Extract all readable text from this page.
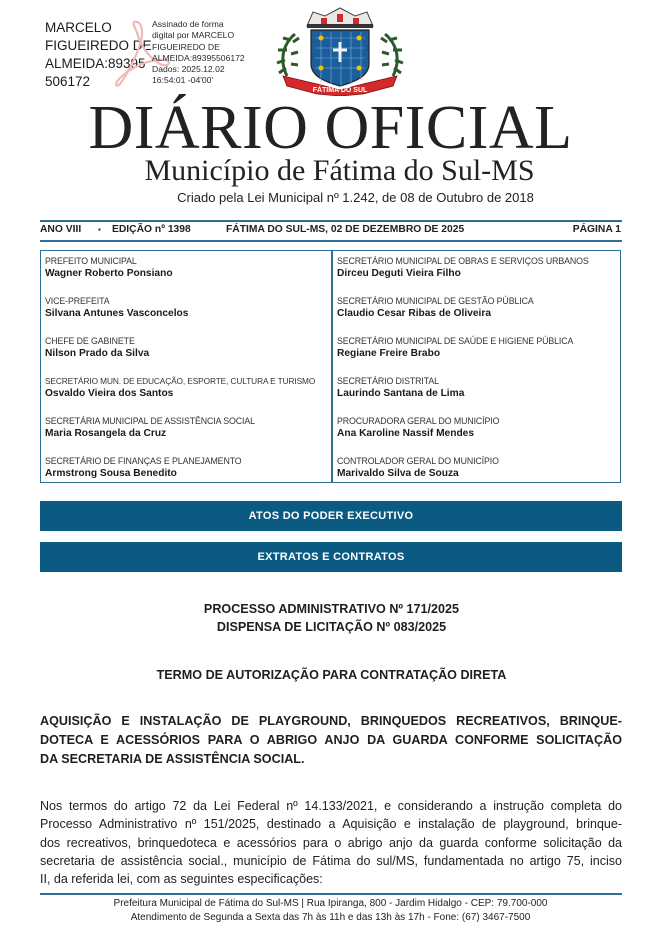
MARCELO
FIGUEIREDO DE
ALMEIDA:89395
506172
Assinado de forma
digital por MARCELO
FIGUEIREDO DE
ALMEIDA:89395506172
Dados: 2025.12.02
16:54:01 -04'00'
FÁTIMA DO SUL
DIÁRIO OFICIAL
Município de Fátima do Sul-MS
Criado pela Lei Municipal nº 1.242, de 08 de Outubro de 2018
ANO VIII ▪ EDIÇÃO nº 1398	FÁTIMA DO SUL-MS, 02 DE DEZEMBRO DE 2025	PÁGINA 1
PREFEITO MUNICIPAL
Wagner Roberto Ponsiano
VICE-PREFEITA
Silvana Antunes Vasconcelos
CHEFE DE GABINETE
Nilson Prado da Silva
SECRETÁRIO MUN. DE EDUCAÇÃO, ESPORTE, CULTURA E TURISMO
Osvaldo Vieira dos Santos
SECRETÁRIA MUNICIPAL DE ASSISTÊNCIA SOCIAL
Maria Rosangela da Cruz
SECRETÁRIO DE FINANÇAS E PLANEJAMENTO
Armstrong Sousa Benedito
SECRETÁRIO MUNICIPAL DE OBRAS E SERVIÇOS URBANOS
Dirceu Deguti Vieira Filho
SECRETÁRIO MUNICIPAL DE GESTÃO PÚBLICA
Claudio Cesar Ribas de Oliveira
SECRETÁRIO MUNICIPAL DE SAÚDE E HIGIENE PÚBLICA
Regiane Freire Brabo
SECRETÁRIO DISTRITAL
Laurindo Santana de Lima
PROCURADORA GERAL DO MUNICÍPIO
Ana Karoline Nassif Mendes
CONTROLADOR GERAL DO MUNICÍPIO
Marivaldo Silva de Souza
ATOS DO PODER EXECUTIVO
EXTRATOS E CONTRATOS
PROCESSO ADMINISTRATIVO Nº 171/2025
DISPENSA DE LICITAÇÃO Nº 083/2025
TERMO DE AUTORIZAÇÃO PARA CONTRATAÇÃO DIRETA
AQUISIÇÃO E INSTALAÇÃO DE PLAYGROUND, BRINQUEDOS RECREATIVOS, BRINQUE-
DOTECA E ACESSÓRIOS PARA O ABRIGO ANJO DA GUARDA CONFORME SOLICITAÇÃO
DA SECRETARIA DE ASSISTÊNCIA SOCIAL.
Nos termos do artigo 72 da Lei Federal nº 14.133/2021, e considerando a instrução completa do
Processo Administrativo nº 151/2025, destinado a Aquisição e instalação de playground, brinque-
dos recreativos, brinquedoteca e acessórios para o abrigo anjo da guarda conforme solicitação da
secretaria de assistência social., município de Fátima do sul/MS, fundamentada no artigo 75, inciso
II, da referida lei, com as seguintes especificações:
Prefeitura Municipal de Fátima do Sul-MS | Rua Ipiranga, 800 - Jardim Hidalgo - CEP: 79.700-000
Atendimento de Segunda a Sexta das 7h às 11h e das 13h às 17h - Fone: (67) 3467-7500
